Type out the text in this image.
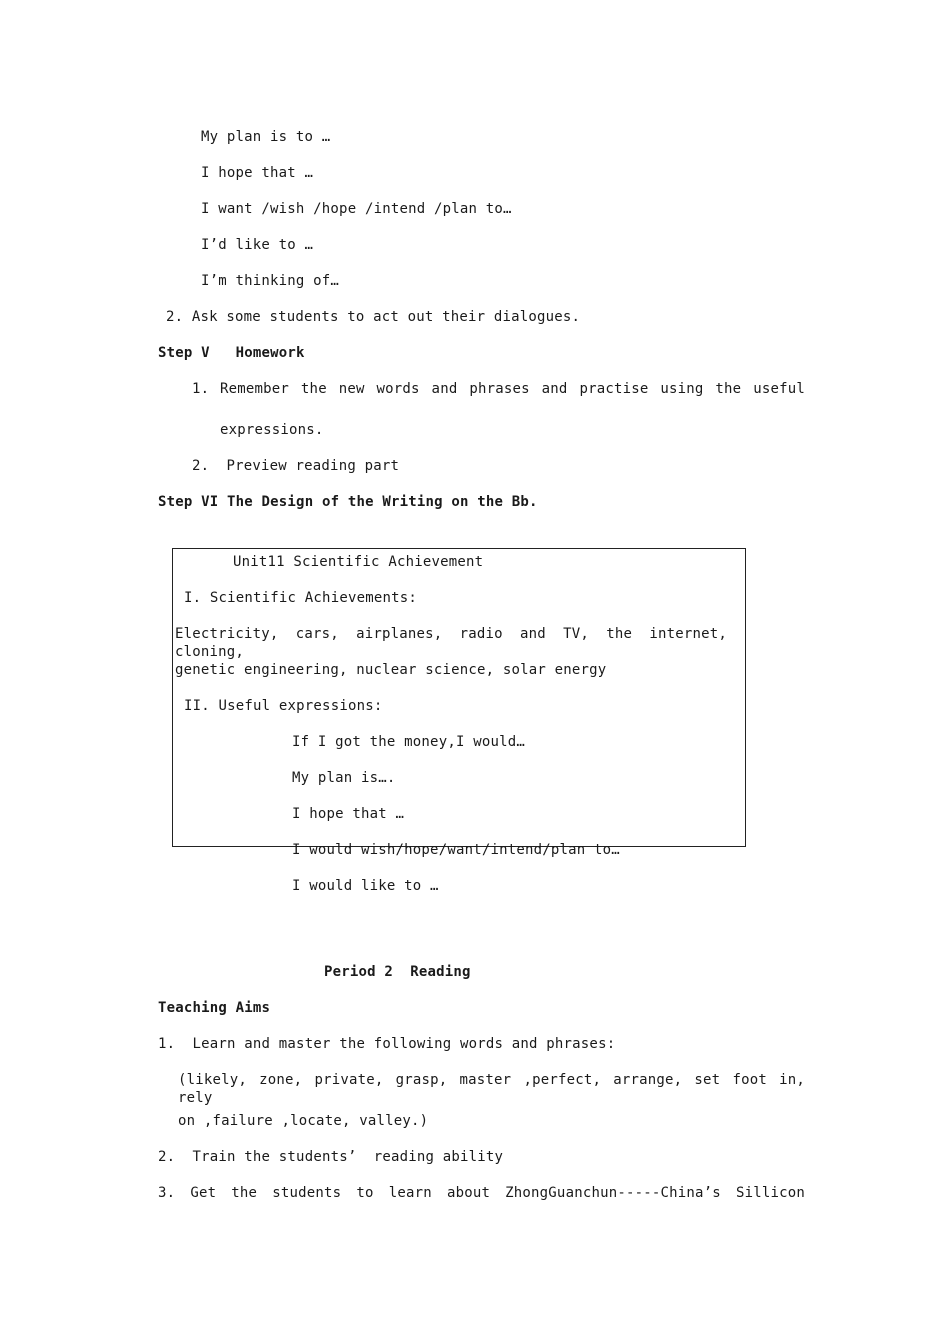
My plan is to …
I hope that …
I want /wish /hope /intend /plan to…
I’d like to …
I’m thinking of…
2. Ask some students to act out their dialogues.
Step V   Homework
1. Remember the new words and phrases and practise using the useful
expressions.
2.  Preview reading part
Step VI The Design of the Writing on the Bb.
Unit11 Scientific Achievement
I. Scientific Achievements:
Electricity, cars, airplanes, radio and TV, the internet, cloning,
genetic engineering, nuclear science, solar energy
II. Useful expressions:
If I got the money,I would…
My plan is….
I hope that …
I would wish/hope/want/intend/plan to…
I would like to …
Period 2  Reading
Teaching Aims
1.  Learn and master the following words and phrases:
(likely, zone, private, grasp, master ,perfect, arrange, set foot in, rely
on ,failure ,locate, valley.)
2.  Train the students’  reading ability
3. Get the students to learn about ZhongGuanchun-----China’s Sillicon
